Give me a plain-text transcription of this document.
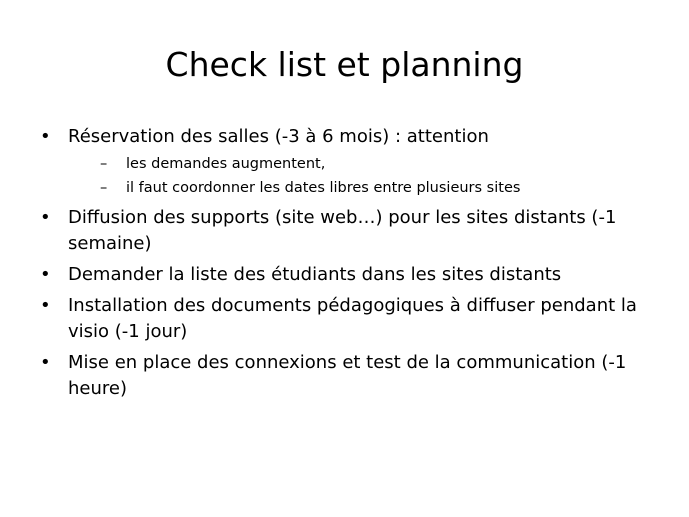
Check list et planning
• Réservation des salles (-3 à 6 mois) : attention
– les demandes augmentent,
– il faut coordonner les dates libres entre plusieurs sites
• Diffusion des supports (site web…) pour les sites distants (-1 semaine)
• Demander la liste des étudiants dans les sites distants
• Installation des documents pédagogiques à diffuser pendant la visio (-1 jour)
• Mise en place des connexions et test de la communication (-1 heure)
